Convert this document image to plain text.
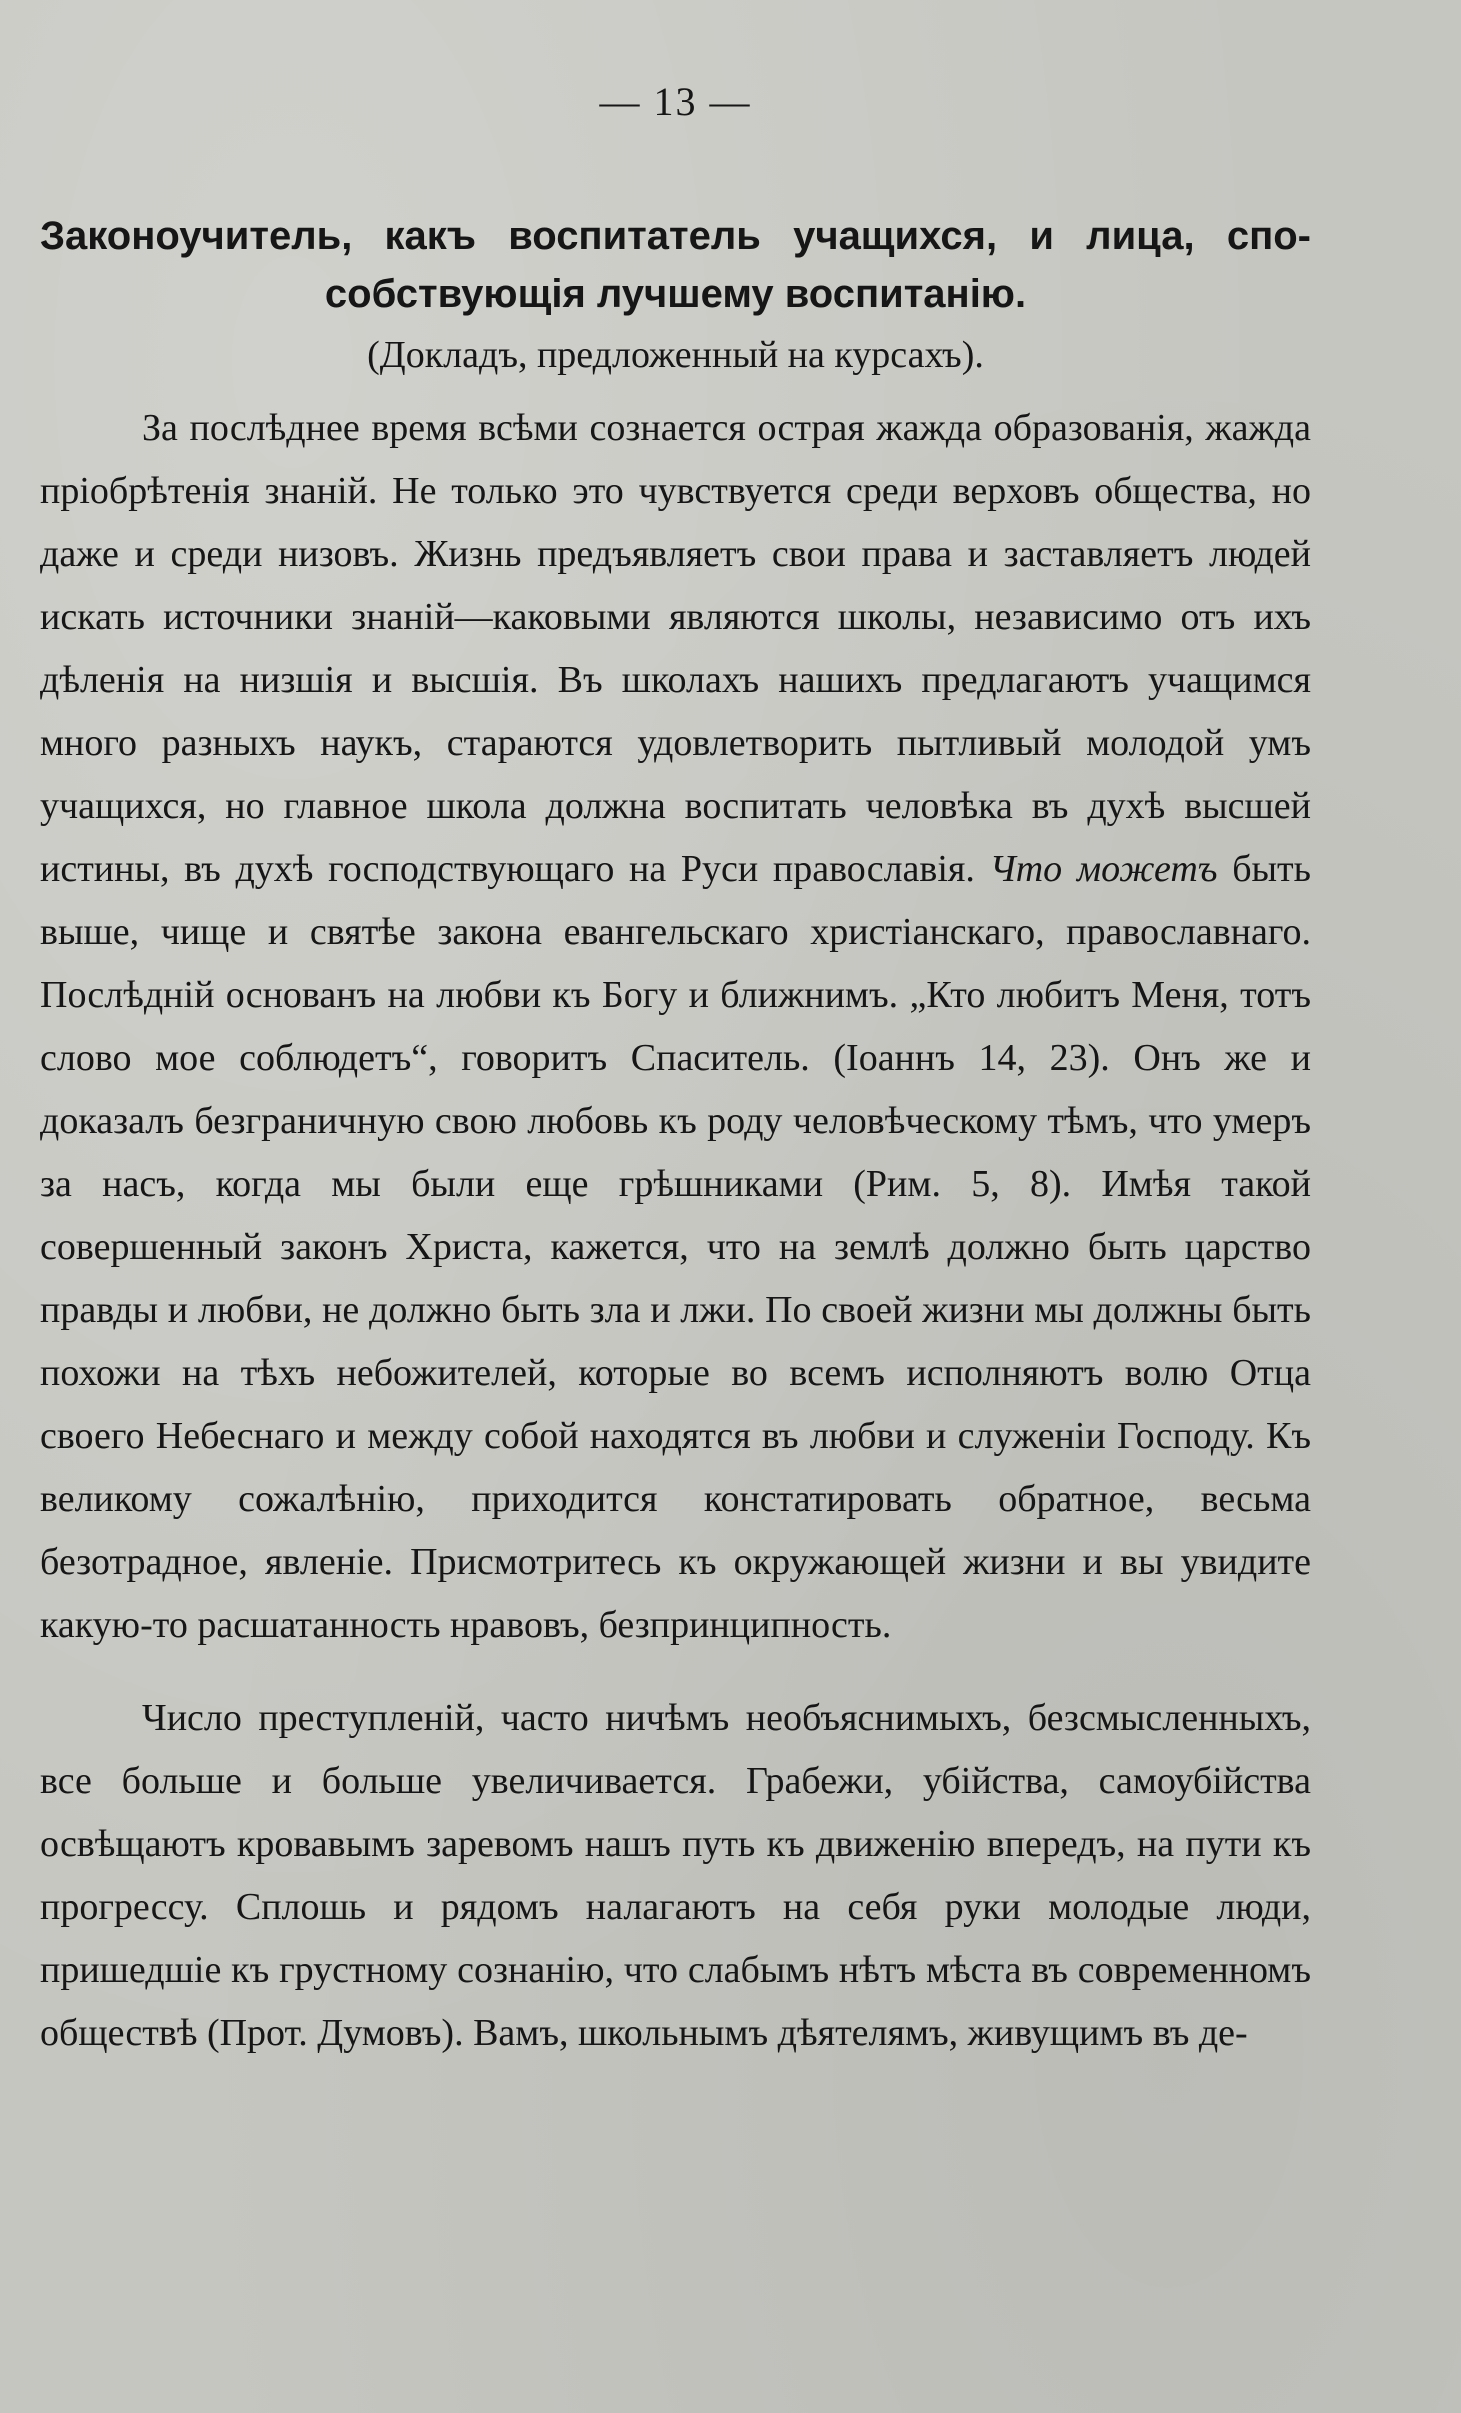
— 13 —
Законоучитель, какъ воспитатель учащихся, и лица, спо-
собствующія лучшему воспитанію.
(Докладъ, предложенный на курсахъ).

За послѣднее время всѣми сознается острая жажда образованія, жажда пріобрѣтенія знаній. Не только это чувствуется среди верховъ общества, но даже и среди низовъ. Жизнь предъявляетъ свои права и заставляетъ людей искать источники знаній—каковыми являются школы, независимо отъ ихъ дѣленія на низшія и высшія. Въ школахъ нашихъ предлагаютъ учащимся много разныхъ наукъ, стараются удовлетворить пытливый молодой умъ учащихся, но главное школа должна воспитать человѣка въ духѣ высшей истины, въ духѣ господствующаго на Руси православія. Что можетъ быть выше, чище и святѣе закона евангельскаго христіанскаго, православнаго. Послѣдній основанъ на любви къ Богу и ближнимъ. „Кто любитъ Меня, тотъ слово мое соблюдетъ“, говоритъ Спаситель. (Іоаннъ 14, 23). Онъ же и доказалъ безграничную свою любовь къ роду человѣческому тѣмъ, что умеръ за насъ, когда мы были еще грѣшниками (Рим. 5, 8). Имѣя такой совершенный законъ Христа, кажется, что на землѣ должно быть царство правды и любви, не должно быть зла и лжи. По своей жизни мы должны быть похожи на тѣхъ небожителей, которые во всемъ исполняютъ волю Отца своего Небеснаго и между собой находятся въ любви и служеніи Господу. Къ великому сожалѣнію, приходится констатировать обратное, весьма безотрадное, явленіе. Присмотритесь къ окружающей жизни и вы увидите какую-то расшатанность нравовъ, безпринципность.

Число преступленій, часто ничѣмъ необъяснимыхъ, безсмысленныхъ, все больше и больше увеличивается. Грабежи, убійства, самоубійства освѣщаютъ кровавымъ заревомъ нашъ путь къ движенію впередъ, на пути къ прогрессу. Сплошь и рядомъ налагаютъ на себя руки молодые люди, пришедшіе къ грустному сознанію, что слабымъ нѣтъ мѣста въ современномъ обществѣ (Прот. Думовъ). Вамъ, школьнымъ дѣятелямъ, живущимъ въ де-
